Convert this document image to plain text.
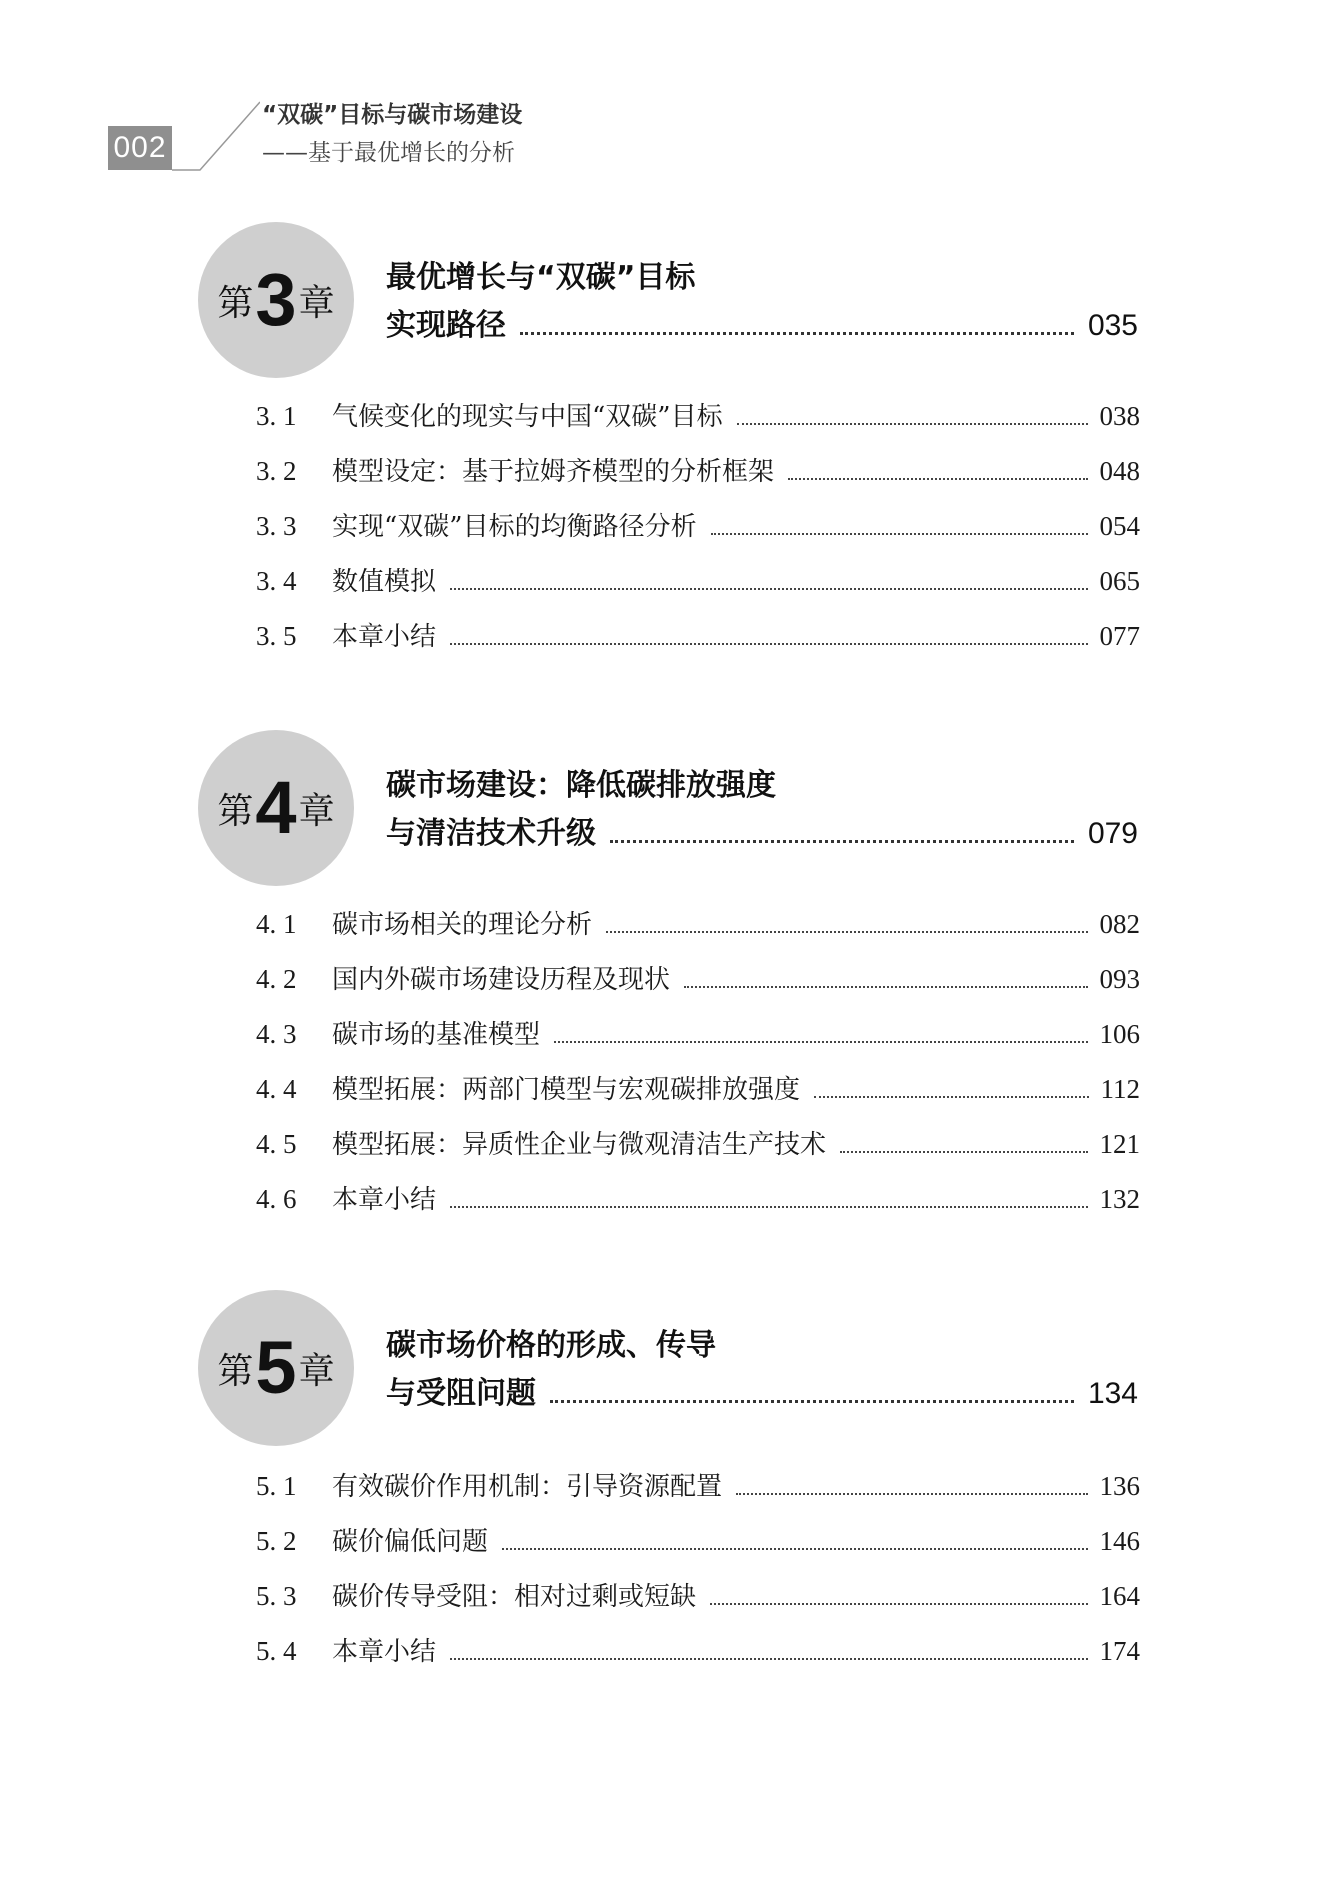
002
“双碳”目标与碳市场建设
——基于最优增长的分析
第 3 章
最优增长与“双碳”目标
实现路径	035
3. 1	气候变化的现实与中国“双碳”目标	038
3. 2	模型设定：基于拉姆齐模型的分析框架	048
3. 3	实现“双碳”目标的均衡路径分析	054
3. 4	数值模拟	065
3. 5	本章小结	077
第 4 章
碳市场建设：降低碳排放强度
与清洁技术升级	079
4. 1	碳市场相关的理论分析	082
4. 2	国内外碳市场建设历程及现状	093
4. 3	碳市场的基准模型	106
4. 4	模型拓展：两部门模型与宏观碳排放强度	112
4. 5	模型拓展：异质性企业与微观清洁生产技术	121
4. 6	本章小结	132
第 5 章
碳市场价格的形成、传导
与受阻问题	134
5. 1	有效碳价作用机制：引导资源配置	136
5. 2	碳价偏低问题	146
5. 3	碳价传导受阻：相对过剩或短缺	164
5. 4	本章小结	174
